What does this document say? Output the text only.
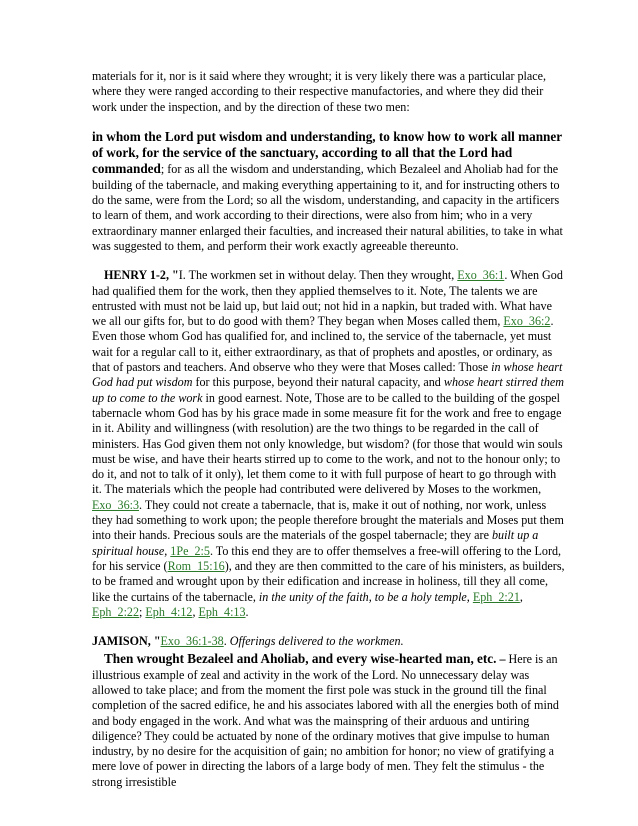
materials for it, nor is it said where they wrought; it is very likely there was a particular place, where they were ranged according to their respective manufactories, and where they did their work under the inspection, and by the direction of these two men:

in whom the Lord put wisdom and understanding, to know how to work all manner of work, for the service of the sanctuary, according to all that the Lord had commanded; for as all the wisdom and understanding, which Bezaleel and Aholiab had for the building of the tabernacle, and making everything appertaining to it, and for instructing others to do the same, were from the Lord; so all the wisdom, understanding, and capacity in the artificers to learn of them, and work according to their directions, were also from him; who in a very extraordinary manner enlarged their faculties, and increased their natural abilities, to take in what was suggested to them, and perform their work exactly agreeable thereunto.

HENRY 1-2, "I. The workmen set in without delay. Then they wrought, Exo_36:1. When God had qualified them for the work, then they applied themselves to it. Note, The talents we are entrusted with must not be laid up, but laid out; not hid in a napkin, but traded with. What have we all our gifts for, but to do good with them? They began when Moses called them, Exo_36:2. Even those whom God has qualified for, and inclined to, the service of the tabernacle, yet must wait for a regular call to it, either extraordinary, as that of prophets and apostles, or ordinary, as that of pastors and teachers. And observe who they were that Moses called: Those in whose heart God had put wisdom for this purpose, beyond their natural capacity, and whose heart stirred them up to come to the work in good earnest. Note, Those are to be called to the building of the gospel tabernacle whom God has by his grace made in some measure fit for the work and free to engage in it. Ability and willingness (with resolution) are the two things to be regarded in the call of ministers. Has God given them not only knowledge, but wisdom? (for those that would win souls must be wise, and have their hearts stirred up to come to the work, and not to the honour only; to do it, and not to talk of it only), let them come to it with full purpose of heart to go through with it. The materials which the people had contributed were delivered by Moses to the workmen, Exo_36:3. They could not create a tabernacle, that is, make it out of nothing, nor work, unless they had something to work upon; the people therefore brought the materials and Moses put them into their hands. Precious souls are the materials of the gospel tabernacle; they are built up a spiritual house, 1Pe_2:5. To this end they are to offer themselves a free-will offering to the Lord, for his service (Rom_15:16), and they are then committed to the care of his ministers, as builders, to be framed and wrought upon by their edification and increase in holiness, till they all come, like the curtains of the tabernacle, in the unity of the faith, to be a holy temple, Eph_2:21, Eph_2:22; Eph_4:12, Eph_4:13.

JAMISON, "Exo_36:1-38. Offerings delivered to the workmen.

Then wrought Bezaleel and Aholiab, and every wise-hearted man, etc. – Here is an illustrious example of zeal and activity in the work of the Lord. No unnecessary delay was allowed to take place; and from the moment the first pole was stuck in the ground till the final completion of the sacred edifice, he and his associates labored with all the energies both of mind and body engaged in the work. And what was the mainspring of their arduous and untiring diligence? They could be actuated by none of the ordinary motives that give impulse to human industry, by no desire for the acquisition of gain; no ambition for honor; no view of gratifying a mere love of power in directing the labors of a large body of men. They felt the stimulus - the strong irresistible
